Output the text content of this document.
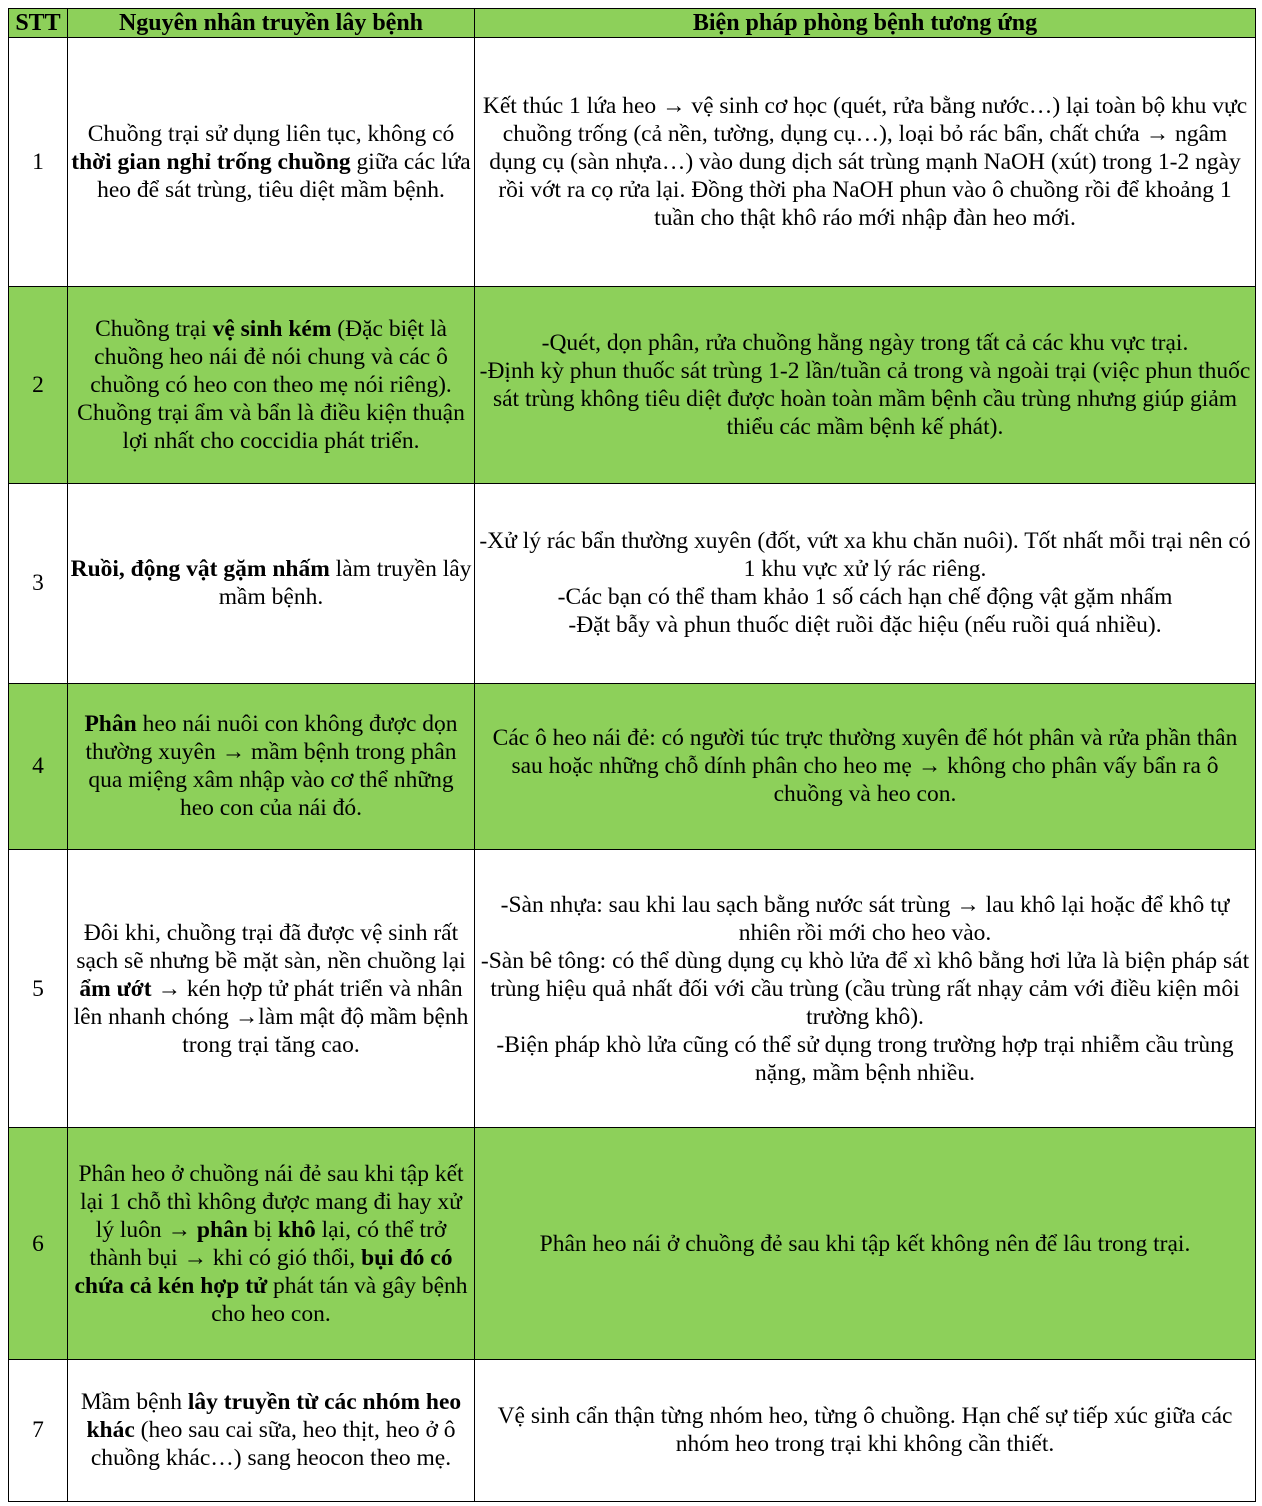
STT	Nguyên nhân truyền lây bệnh	Biện pháp phòng bệnh tương ứng
1	Chuồng trại sử dụng liên tục, không có thời gian nghỉ trống chuồng giữa các lứa heo để sát trùng, tiêu diệt mầm bệnh.	Kết thúc 1 lứa heo → vệ sinh cơ học (quét, rửa bằng nước…) lại toàn bộ khu vực chuồng trống (cả nền, tường, dụng cụ…), loại bỏ rác bẩn, chất chứa → ngâm dụng cụ (sàn nhựa…) vào dung dịch sát trùng mạnh NaOH (xút) trong 1-2 ngày rồi vớt ra cọ rửa lại. Đồng thời pha NaOH phun vào ô chuồng rồi để khoảng 1 tuần cho thật khô ráo mới nhập đàn heo mới.

2	Chuồng trại vệ sinh kém (Đặc biệt là chuồng heo nái đẻ nói chung và các ô chuồng có heo con theo mẹ nói riêng). Chuồng trại ẩm và bẩn là điều kiện thuận lợi nhất cho coccidia phát triển.	-Quét, dọn phân, rửa chuồng hằng ngày trong tất cả các khu vực trại.
-Định kỳ phun thuốc sát trùng 1-2 lần/tuần cả trong và ngoài trại (việc phun thuốc sát trùng không tiêu diệt được hoàn toàn mầm bệnh cầu trùng nhưng giúp giảm thiểu các mầm bệnh kế phát).

3	Ruồi, động vật gặm nhấm làm truyền lây mầm bệnh.	-Xử lý rác bẩn thường xuyên (đốt, vứt xa khu chăn nuôi). Tốt nhất mỗi trại nên có 1 khu vực xử lý rác riêng.
-Các bạn có thể tham khảo 1 số cách hạn chế động vật gặm nhấm
-Đặt bẫy và phun thuốc diệt ruồi đặc hiệu (nếu ruồi quá nhiều).

4	Phân heo nái nuôi con không được dọn thường xuyên → mầm bệnh trong phân qua miệng xâm nhập vào cơ thể những heo con của nái đó.	Các ô heo nái đẻ: có người túc trực thường xuyên để hót phân và rửa phần thân sau hoặc những chỗ dính phân cho heo mẹ → không cho phân vấy bẩn ra ô chuồng và heo con.

5	Đôi khi, chuồng trại đã được vệ sinh rất sạch sẽ nhưng bề mặt sàn, nền chuồng lại ẩm ướt → kén hợp tử phát triển và nhân lên nhanh chóng →làm mật độ mầm bệnh trong trại tăng cao.	-Sàn nhựa: sau khi lau sạch bằng nước sát trùng → lau khô lại hoặc để khô tự nhiên rồi mới cho heo vào.
-Sàn bê tông: có thể dùng dụng cụ khò lửa để xì khô bằng hơi lửa là biện pháp sát trùng hiệu quả nhất đối với cầu trùng (cầu trùng rất nhạy cảm với điều kiện môi trường khô).
-Biện pháp khò lửa cũng có thể sử dụng trong trường hợp trại nhiễm cầu trùng nặng, mầm bệnh nhiều.

6	Phân heo ở chuồng nái đẻ sau khi tập kết lại 1 chỗ thì không được mang đi hay xử lý luôn → phân bị khô lại, có thể trở thành bụi → khi có gió thổi, bụi đó có chứa cả kén hợp tử phát tán và gây bệnh cho heo con.	Phân heo nái ở chuồng đẻ sau khi tập kết không nên để lâu trong trại.

7	Mầm bệnh lây truyền từ các nhóm heo khác (heo sau cai sữa, heo thịt, heo ở ô chuồng khác…) sang heocon theo mẹ.	Vệ sinh cẩn thận từng nhóm heo, từng ô chuồng. Hạn chế sự tiếp xúc giữa các nhóm heo trong trại khi không cần thiết.
